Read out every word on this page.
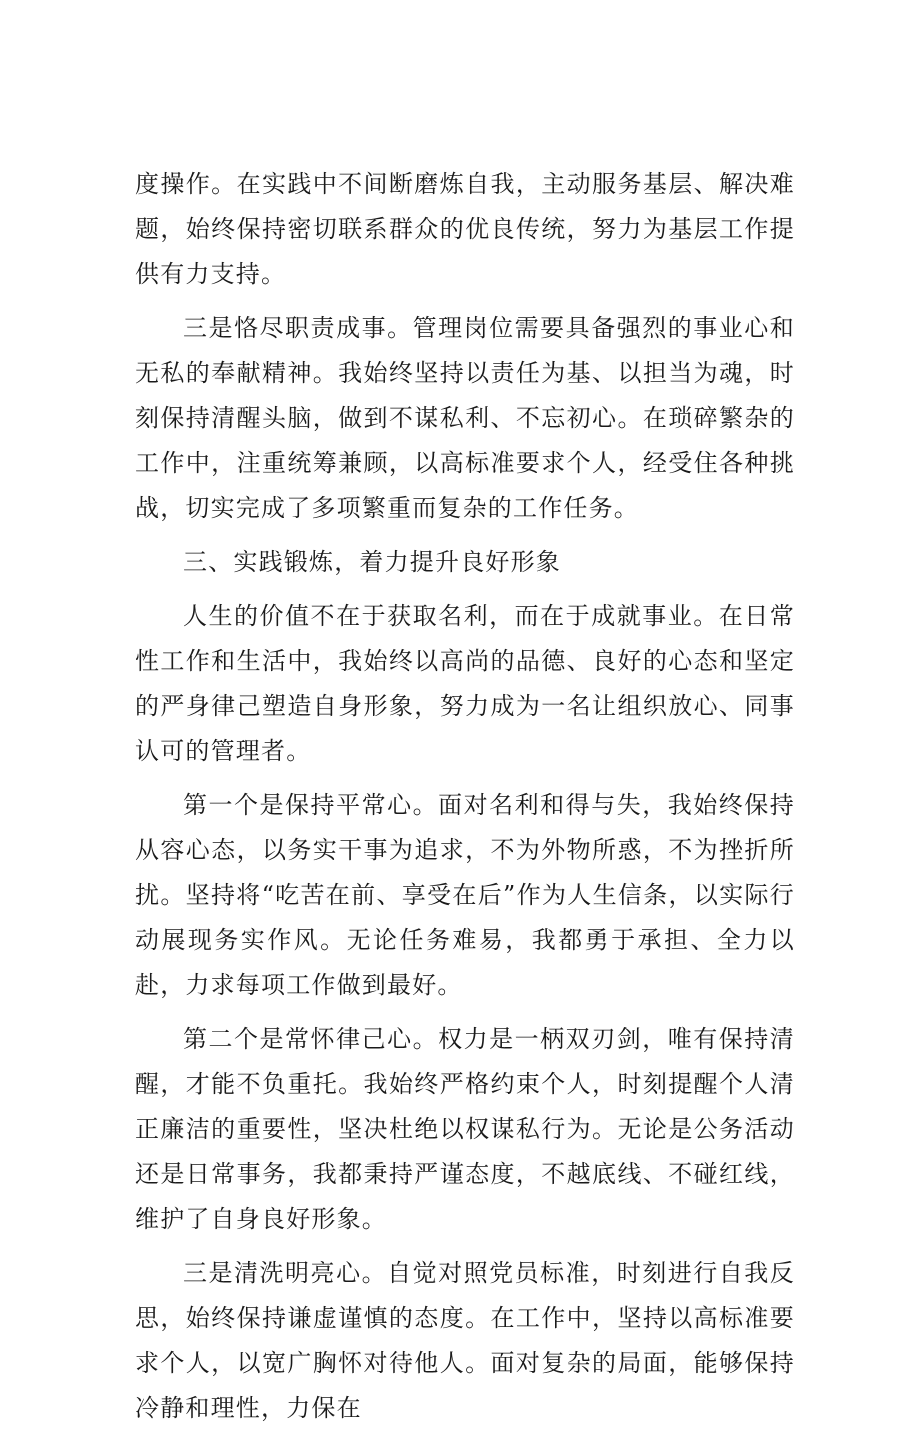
度操作。在实践中不间断磨炼自我，主动服务基层、解决难题，始终保持密切联系群众的优良传统，努力为基层工作提供有力支持。

三是恪尽职责成事。管理岗位需要具备强烈的事业心和无私的奉献精神。我始终坚持以责任为基、以担当为魂，时刻保持清醒头脑，做到不谋私利、不忘初心。在琐碎繁杂的工作中，注重统筹兼顾，以高标准要求个人，经受住各种挑战，切实完成了多项繁重而复杂的工作任务。

三、实践锻炼，着力提升良好形象

人生的价值不在于获取名利，而在于成就事业。在日常性工作和生活中，我始终以高尚的品德、良好的心态和坚定的严身律己塑造自身形象，努力成为一名让组织放心、同事认可的管理者。

第一个是保持平常心。面对名利和得与失，我始终保持从容心态，以务实干事为追求，不为外物所惑，不为挫折所扰。坚持将“吃苦在前、享受在后”作为人生信条，以实际行动展现务实作风。无论任务难易，我都勇于承担、全力以赴，力求每项工作做到最好。

第二个是常怀律己心。权力是一柄双刃剑，唯有保持清醒，才能不负重托。我始终严格约束个人，时刻提醒个人清正廉洁的重要性，坚决杜绝以权谋私行为。无论是公务活动还是日常事务，我都秉持严谨态度，不越底线、不碰红线，维护了自身良好形象。

三是清洗明亮心。自觉对照党员标准，时刻进行自我反思，始终保持谦虚谨慎的态度。在工作中，坚持以高标准要求个人，以宽广胸怀对待他人。面对复杂的局面，能够保持冷静和理性，力保在
